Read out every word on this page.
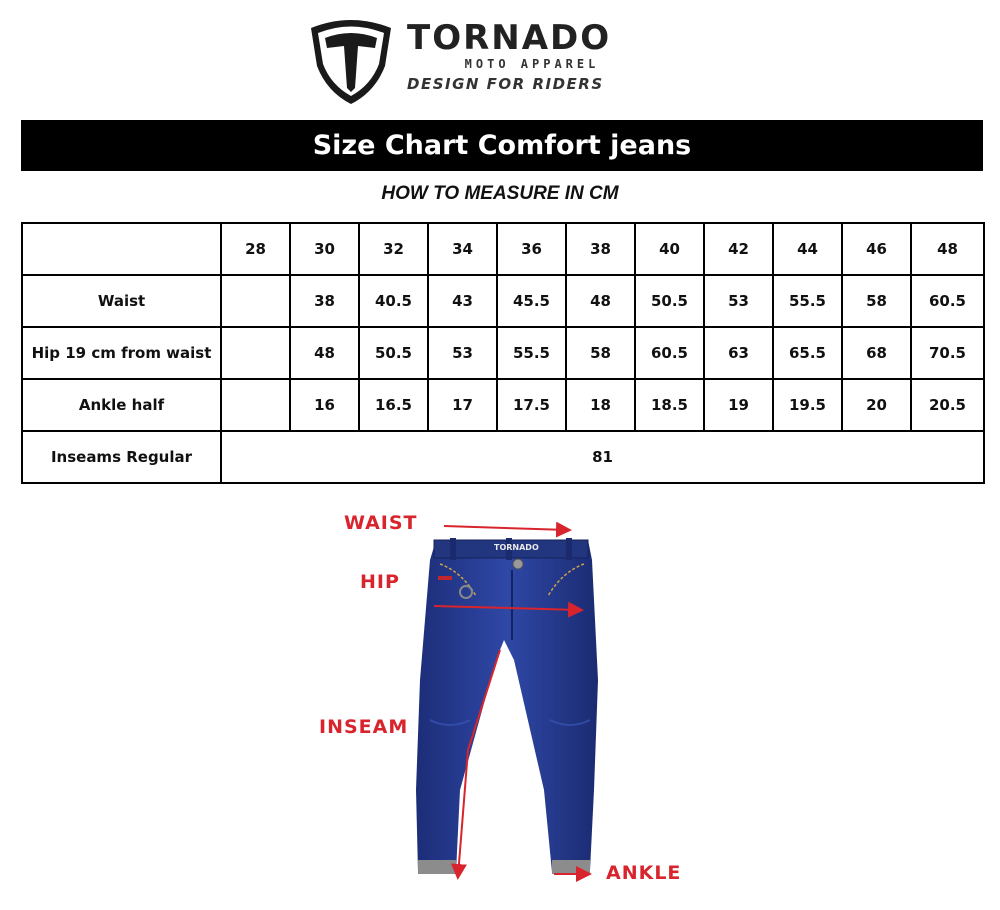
TORNADO
MOTO APPAREL
DESIGN FOR RIDERS
Size Chart Comfort jeans
HOW TO MEASURE IN CM
	28	30	32	34	36	38	40	42	44	46	48
Waist		38	40.5	43	45.5	48	50.5	53	55.5	58	60.5
Hip 19 cm from waist		48	50.5	53	55.5	58	60.5	63	65.5	68	70.5
Ankle half		16	16.5	17	17.5	18	18.5	19	19.5	20	20.5
Inseams Regular	81										
TORNADO
WAIST
HIP
INSEAM
ANKLE
